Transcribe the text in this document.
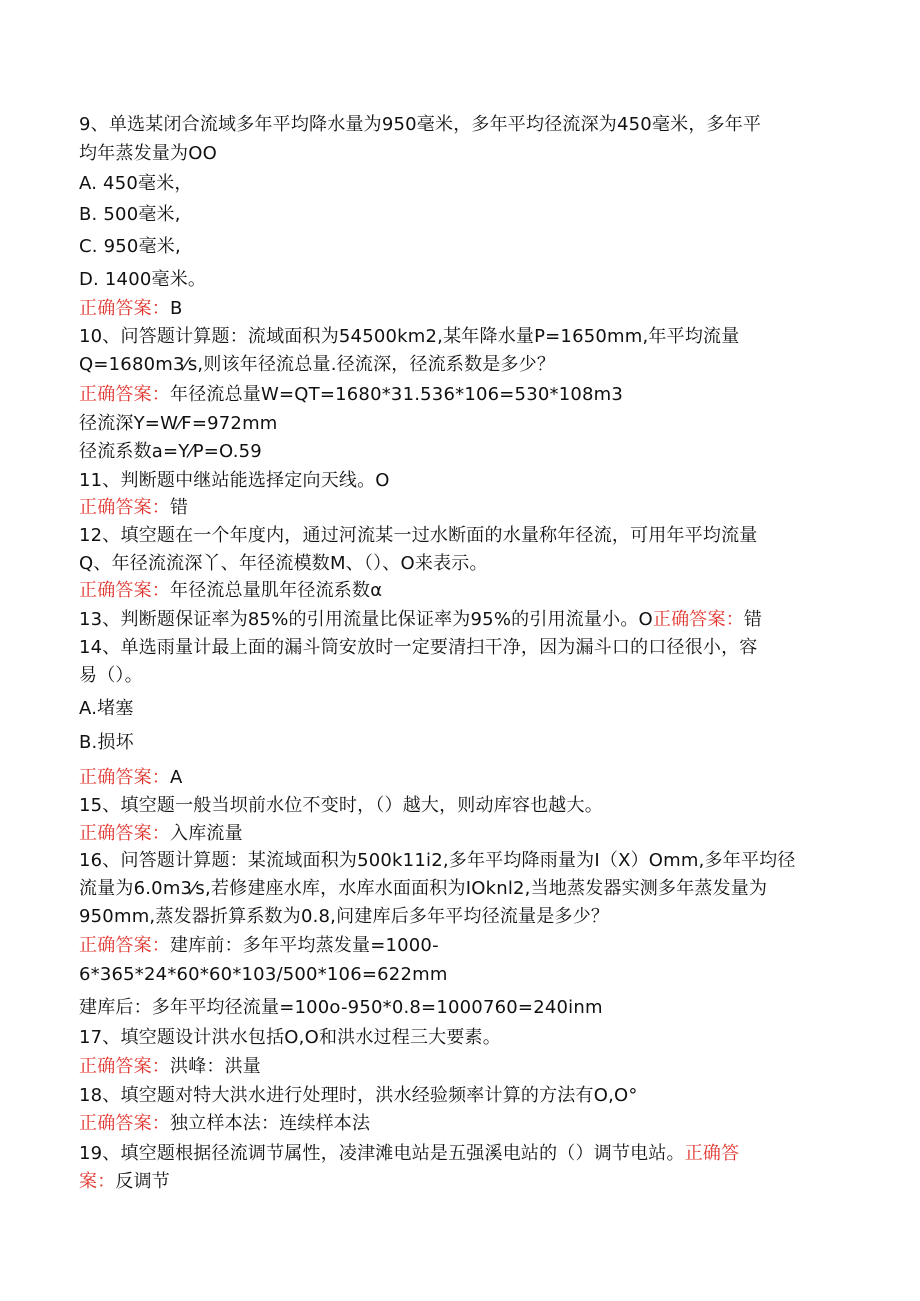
9、单选某闭合流域多年平均降水量为950毫米，多年平均径流深为450毫米，多年平
均年蒸发量为OO
A. 450毫米，
B. 500毫米,
C. 950毫米,
D. 1400毫米。
正确答案：B
10、问答题计算题：流域面积为54500km2,某年降水量P=1650mm,年平均流量
Q=1680m3⁄s,则该年径流总量.径流深，径流系数是多少？
正确答案：年径流总量W=QT=1680*31.536*106=530*108m3
径流深Y=W⁄F=972mm
径流系数a=Y⁄P=O.59
11、判断题中继站能选择定向天线。O
正确答案：错
12、填空题在一个年度内，通过河流某一过水断面的水量称年径流，可用年平均流量
Q、年径流流深丫、年径流模数M、（）、O来表示。
正确答案：年径流总量肌年径流系数α
13、判断题保证率为85%的引用流量比保证率为95%的引用流量小。O正确答案：错
14、单选雨量计最上面的漏斗筒安放时一定要清扫干净，因为漏斗口的口径很小，容
易（）。
A.堵塞
B.损坏
正确答案：A
15、填空题一般当坝前水位不变时，（）越大，则动库容也越大。
正确答案：入库流量
16、问答题计算题：某流域面积为500k11i2,多年平均降雨量为I（X）Omm,多年平均径
流量为6.0m3⁄s,若修建座水库，水库水面面积为IOknl2,当地蒸发器实测多年蒸发量为
950mm,蒸发器折算系数为0.8,问建库后多年平均径流量是多少？
正确答案：建库前：多年平均蒸发量=1000-
6*365*24*60*60*103/500*106=622mm
建库后：多年平均径流量=100o-950*0.8=1000760=240inm
17、填空题设计洪水包括O,O和洪水过程三大要素。
正确答案：洪峰：洪量
18、填空题对特大洪水进行处理时，洪水经验频率计算的方法有O,O°
正确答案：独立样本法：连续样本法
19、填空题根据径流调节属性，凌津滩电站是五强溪电站的（）调节电站。正确答
案：反调节
